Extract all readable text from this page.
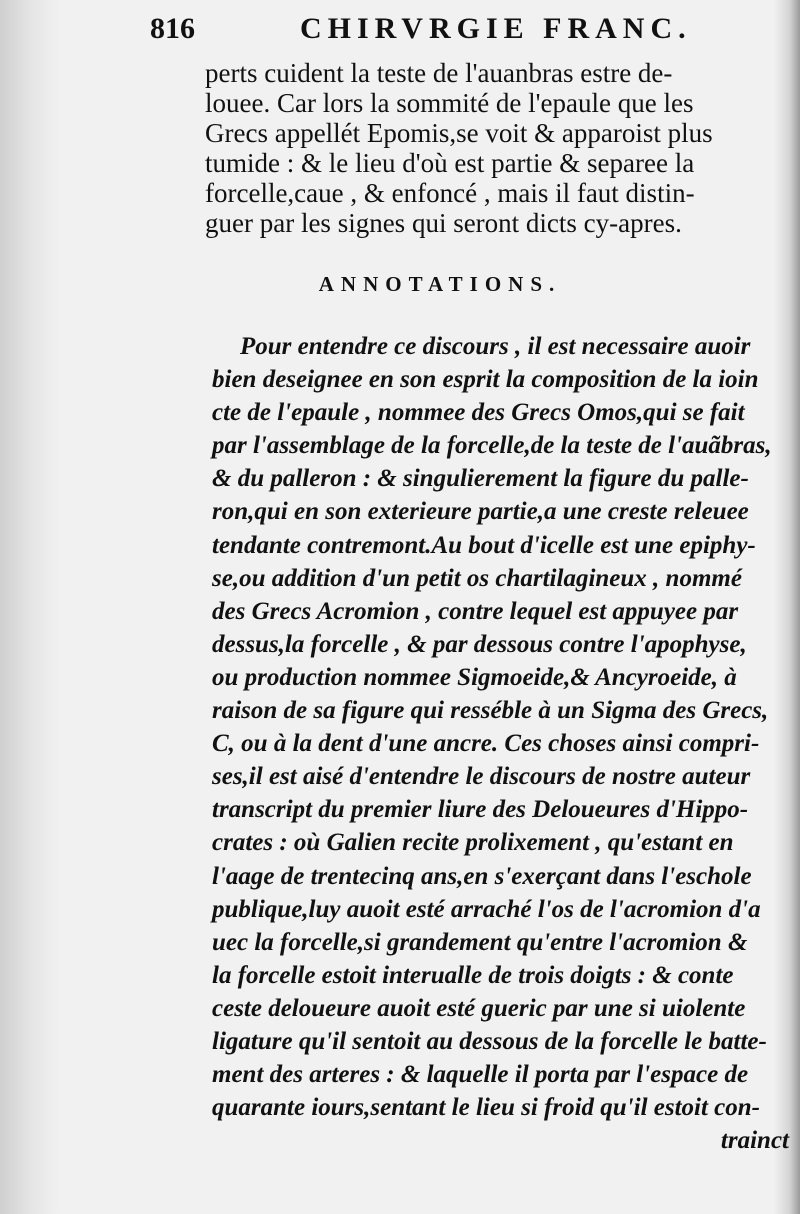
816	CHIRVRGIE FRANC.
perts cuident la teste de l'auanbras estre de-
louee. Car lors la sommité de l'epaule que les
Grecs appellét Epomis,se voit & apparoist plus
tumide : & le lieu d'où est partie & separee la
forcelle,caue , & enfoncé , mais il faut distin-
guer par les signes qui seront dicts cy-apres.
ANNOTATIONS.
Pour entendre ce discours , il est necessaire auoir
bien deseignee en son esprit la composition de la ioin
cte de l'epaule , nommee des Grecs Omos,qui se fait
par l'assemblage de la forcelle,de la teste de l'auãbras,
& du palleron : & singulierement la figure du palle-
ron,qui en son exterieure partie,a une creste releuee
tendante contremont.Au bout d'icelle est une epiphy-
se,ou addition d'un petit os chartilagineux , nommé
des Grecs Acromion , contre lequel est appuyee par
dessus,la forcelle , & par dessous contre l'apophyse,
ou production nommee Sigmoeide,& Ancyroeide, à
raison de sa figure qui resséble à un Sigma des Grecs,
C, ou à la dent d'une ancre. Ces choses ainsi compri-
ses,il est aisé d'entendre le discours de nostre auteur
transcript du premier liure des Deloueures d'Hippo-
crates : où Galien recite prolixement , qu'estant en
l'aage de trentecinq ans,en s'exerçant dans l'eschole
publique,luy auoit esté arraché l'os de l'acromion d'a
uec la forcelle,si grandement qu'entre l'acromion &
la forcelle estoit interualle de trois doigts : & conte
ceste deloueure auoit esté gueric par une si uiolente
ligature qu'il sentoit au dessous de la forcelle le batte-
ment des arteres : & laquelle il porta par l'espace de
quarante iours,sentant le lieu si froid qu'il estoit con-
trainct
